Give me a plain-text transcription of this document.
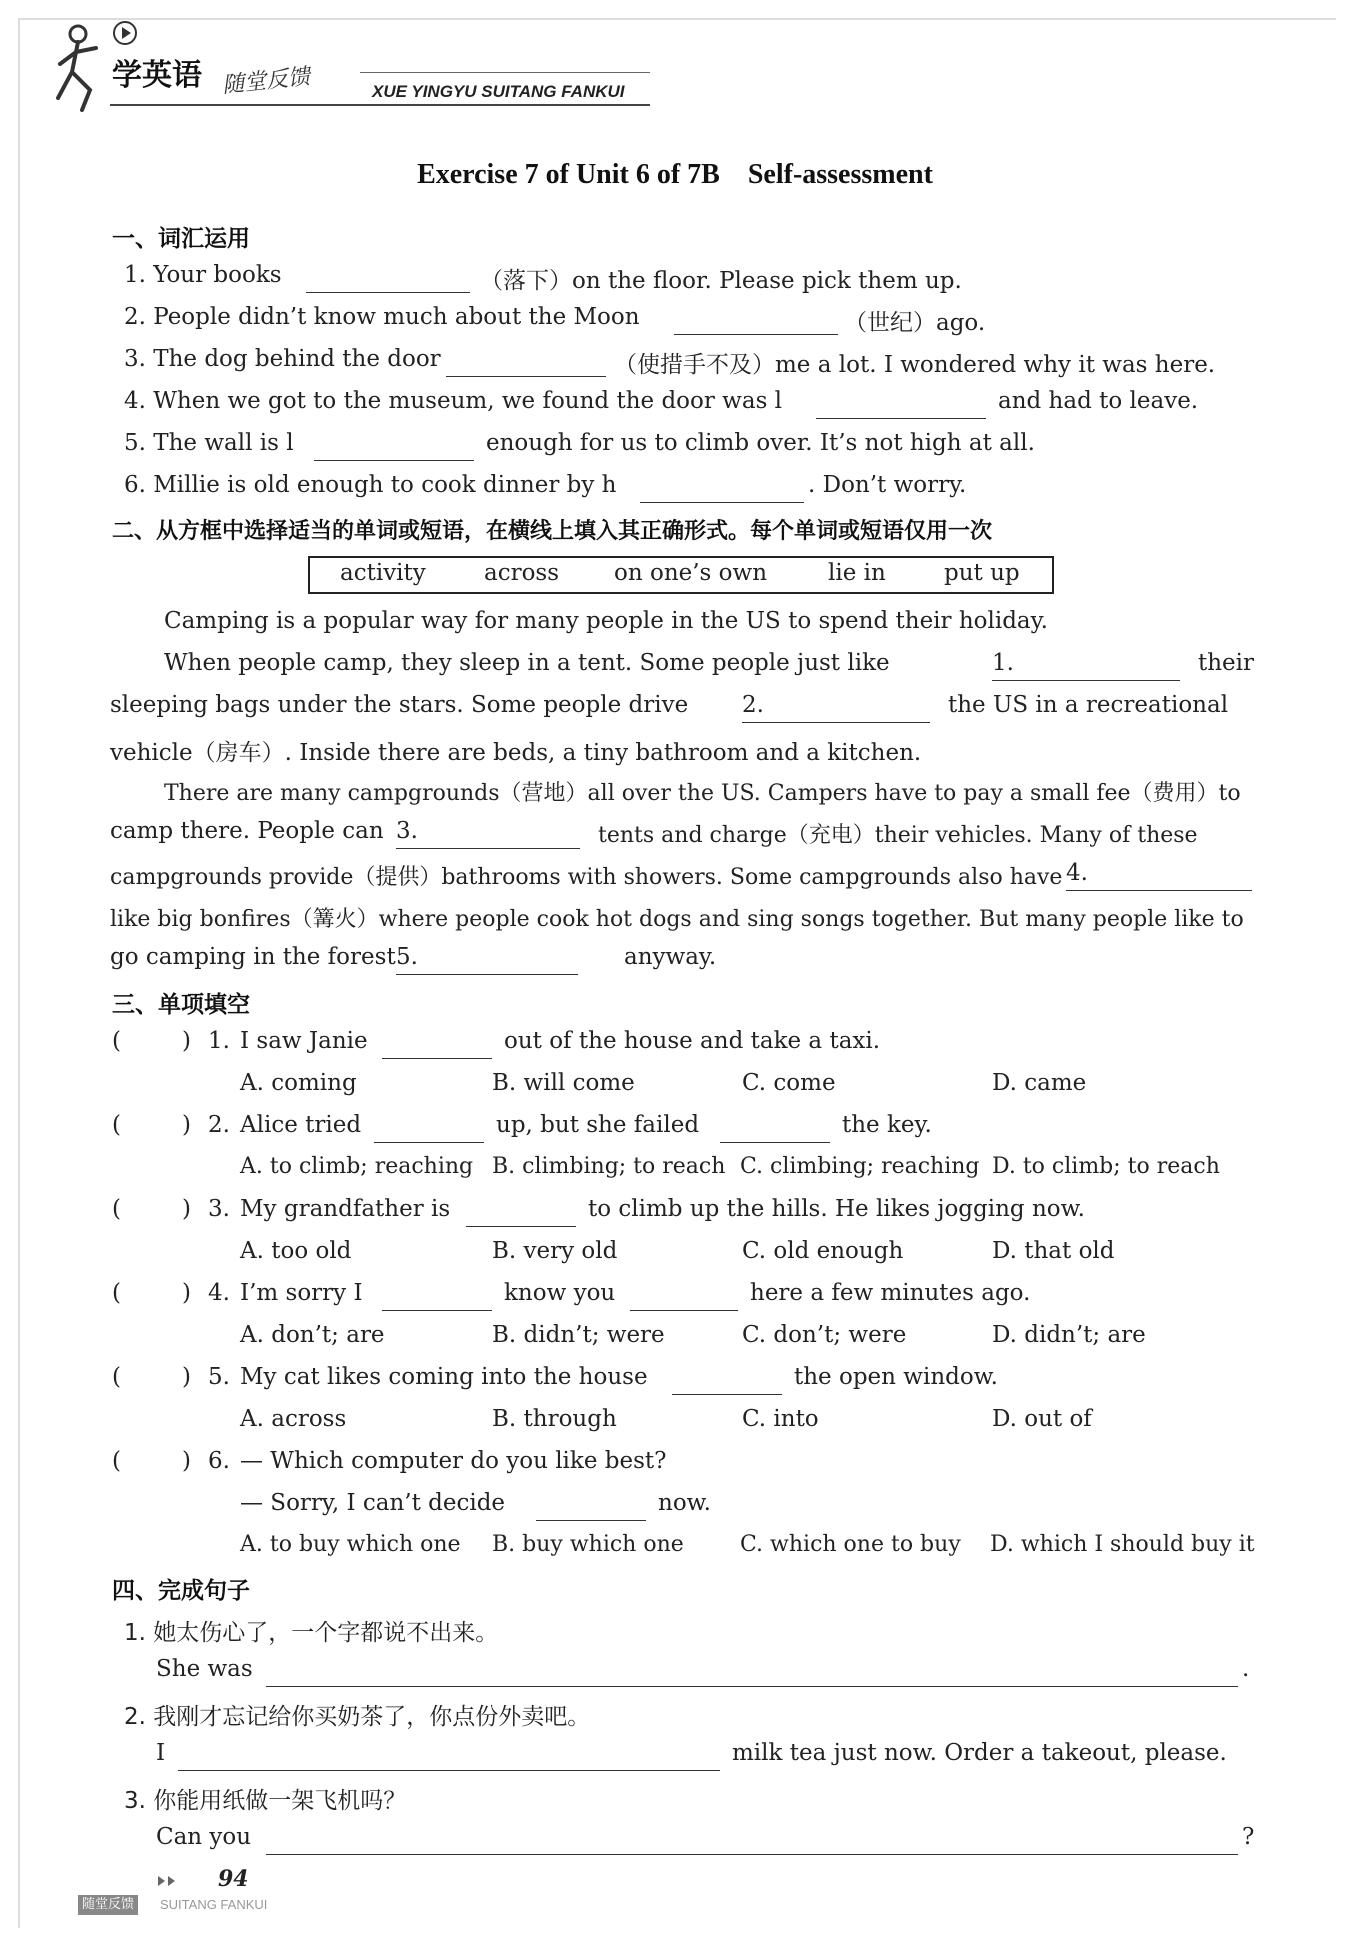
学英语 随堂反馈	XUE YINGYU SUITANG FANKUI
Exercise 7 of Unit 6 of 7B　Self-assessment
一、词汇运用
1. Your books	（落下）on the floor. Please pick them up.
2. People didn’t know much about the Moon	（世纪）ago.
3. The dog behind the door	（使措手不及）me a lot. I wondered why it was here.
4. When we got to the museum, we found the door was l	and had to leave.
5. The wall is l	enough for us to climb over. It’s not high at all.
6. Millie is old enough to cook dinner by h	. Don’t worry.
二、从方框中选择适当的单词或短语，在横线上填入其正确形式。每个单词或短语仅用一次
activity	across on one’s own	lie in	put up
Camping is a popular way for many people in the US to spend their holiday.
When people camp, they sleep in a tent. Some people just like	1.	their
sleeping bags under the stars. Some people drive 2.	the US in a recreational
vehicle（房车）. Inside there are beds, a tiny bathroom and a kitchen.
There are many campgrounds（营地）all over the US. Campers have to pay a small fee（费用）to
camp there. People can 3.	tents and charge（充电）their vehicles. Many of these
campgrounds provide（提供）bathrooms with showers. Some campgrounds also have 4.
like big bonfires（篝火）where people cook hot dogs and sing songs together. But many people like to
go camping in the forest 5.	anyway.
三、单项填空
(	) 1. I saw Janie	out of the house and take a taxi.
A. coming	B. will come	C. come	D. came
(	) 2. Alice tried	up, but she failed	the key.
A. to climb; reaching B. climbing; to reach C. climbing; reaching D. to climb; to reach
(	) 3. My grandfather is	to climb up the hills. He likes jogging now.
A. too old	B. very old	C. old enough	D. that old
(	) 4. I’m sorry I	know you	here a few minutes ago.
A. don’t; are	B. didn’t; were	C. don’t; were	D. didn’t; are
(	) 5. My cat likes coming into the house	the open window.
A. across	B. through	C. into	D. out of
(	) 6. — Which computer do you like best?
— Sorry, I can’t decide	now.
A. to buy which one B. buy which one	C. which one to buy D. which I should buy it
四、完成句子
1. 她太伤心了，一个字都说不出来。
She was	.
2. 我刚才忘记给你买奶茶了，你点份外卖吧。
I	milk tea just now. Order a takeout, please.
3. 你能用纸做一架飞机吗？
Can you	?
94
随堂反馈	SUITANG FANKUI
